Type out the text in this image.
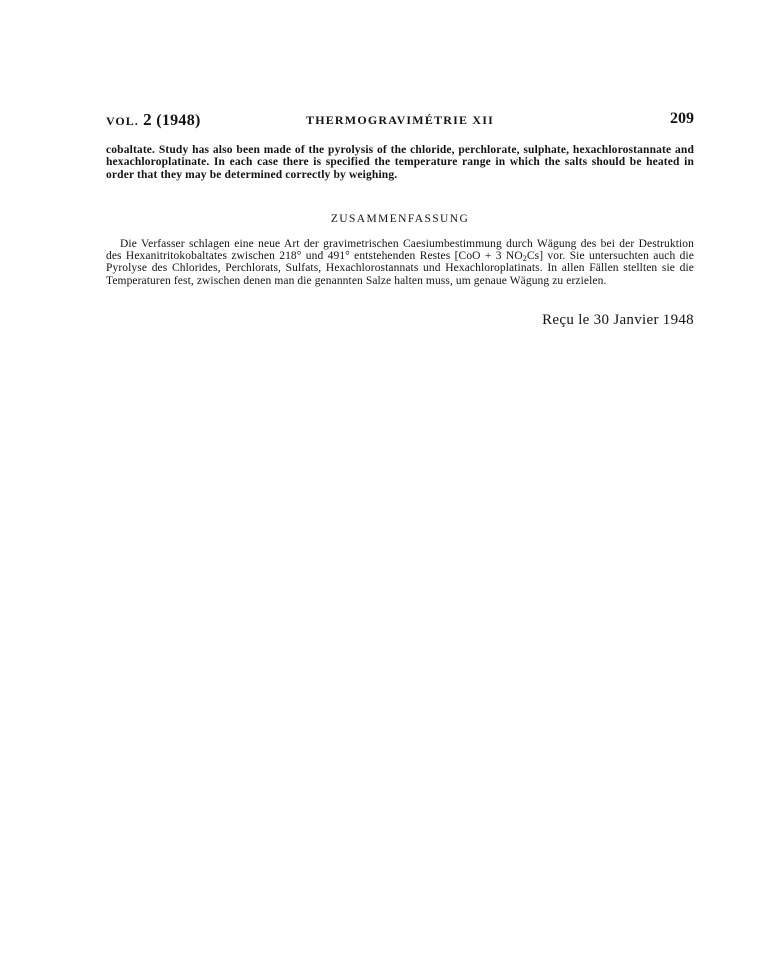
VOL. 2 (1948)	THERMOGRAVIMÉTRIE XII	209
cobaltate. Study has also been made of the pyrolysis of the chloride, perchlorate, sulphate, hexachlorostannate and hexachloroplatinate. In each case there is specified the temperature range in which the salts should be heated in order that they may be determined correctly by weighing.
ZUSAMMENFASSUNG
Die Verfasser schlagen eine neue Art der gravimetrischen Caesiumbestimmung durch Wägung des bei der Destruktion des Hexanitritokobaltates zwischen 218° und 491° entstehenden Restes [CoO + 3 $NO_2Cs$] vor. Sie untersuchten auch die Pyrolyse des Chlorides, Perchlorats, Sulfats, Hexachlorostannats und Hexachloroplatinats. In allen Fällen stellten sie die Temperaturen fest, zwischen denen man die genannten Salze halten muss, um genaue Wägung zu erzielen.
Reçu le 30 Janvier 1948
